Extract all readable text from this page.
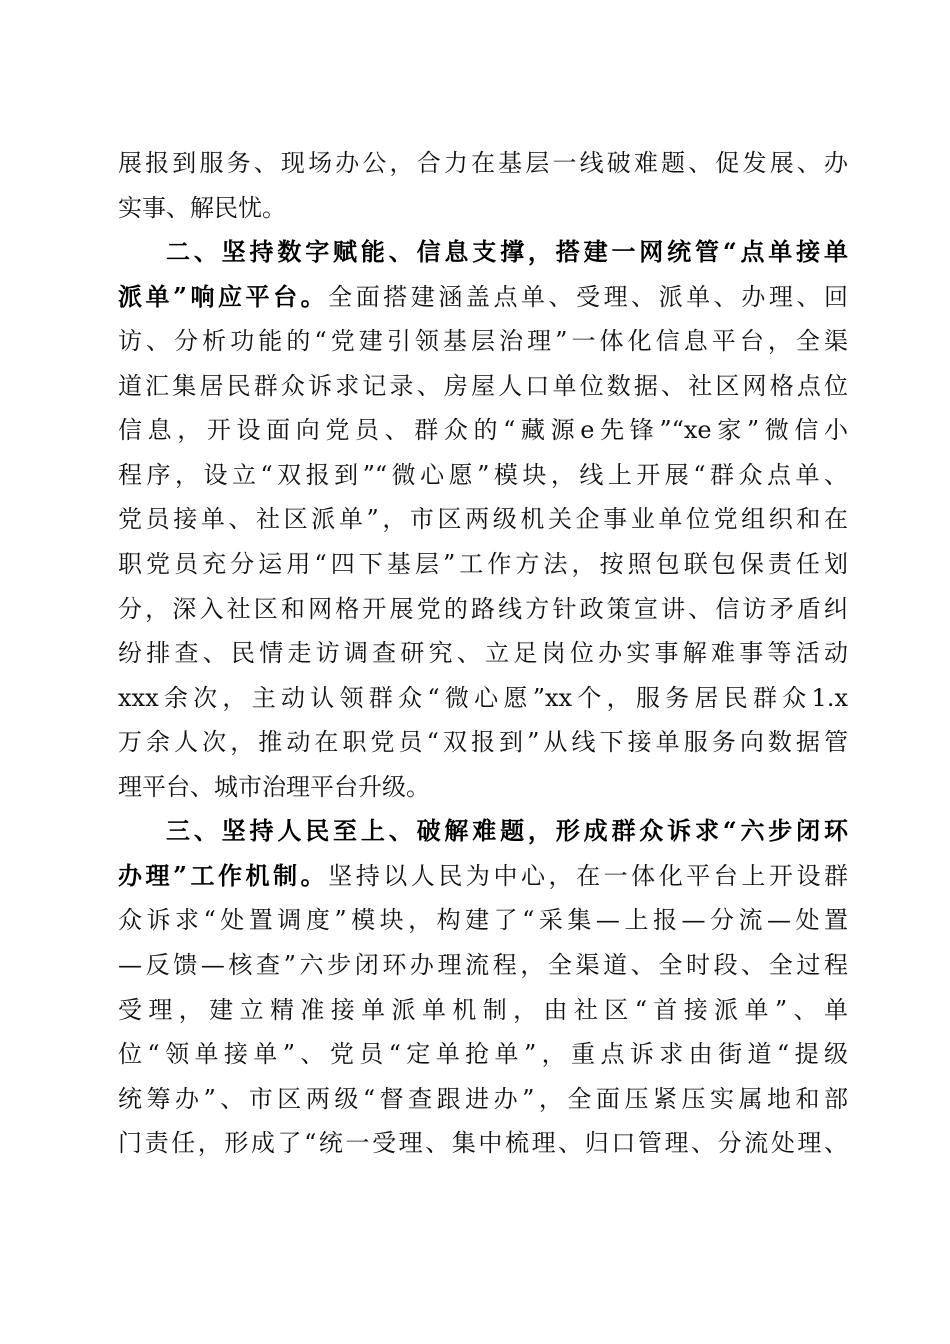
展报到服务、现场办公，合力在基层一线破难题、促发展、办
实事、解民忧。
二、坚持数字赋能、信息支撑，搭建一网统管“点单接单
派单”响应平台。全面搭建涵盖点单、受理、派单、办理、回
访、分析功能的“党建引领基层治理”一体化信息平台，全渠
道汇集居民群众诉求记录、房屋人口单位数据、社区网格点位
信息，开设面向党员、群众的“藏源e先锋”“xe家”微信小
程序，设立“双报到”“微心愿”模块，线上开展“群众点单、
党员接单、社区派单”，市区两级机关企事业单位党组织和在
职党员充分运用“四下基层”工作方法，按照包联包保责任划
分，深入社区和网格开展党的路线方针政策宣讲、信访矛盾纠
纷排查、民情走访调查研究、立足岗位办实事解难事等活动
xxx余次，主动认领群众“微心愿”xx个，服务居民群众1.x
万余人次，推动在职党员“双报到”从线下接单服务向数据管
理平台、城市治理平台升级。
三、坚持人民至上、破解难题，形成群众诉求“六步闭环
办理”工作机制。坚持以人民为中心，在一体化平台上开设群
众诉求“处置调度”模块，构建了“采集—上报—分流—处置
—反馈—核查”六步闭环办理流程，全渠道、全时段、全过程
受理，建立精准接单派单机制，由社区“首接派单”、单
位“领单接单”、党员“定单抢单”，重点诉求由街道“提级
统筹办”、市区两级“督查跟进办”，全面压紧压实属地和部
门责任，形成了“统一受理、集中梳理、归口管理、分流处理、
